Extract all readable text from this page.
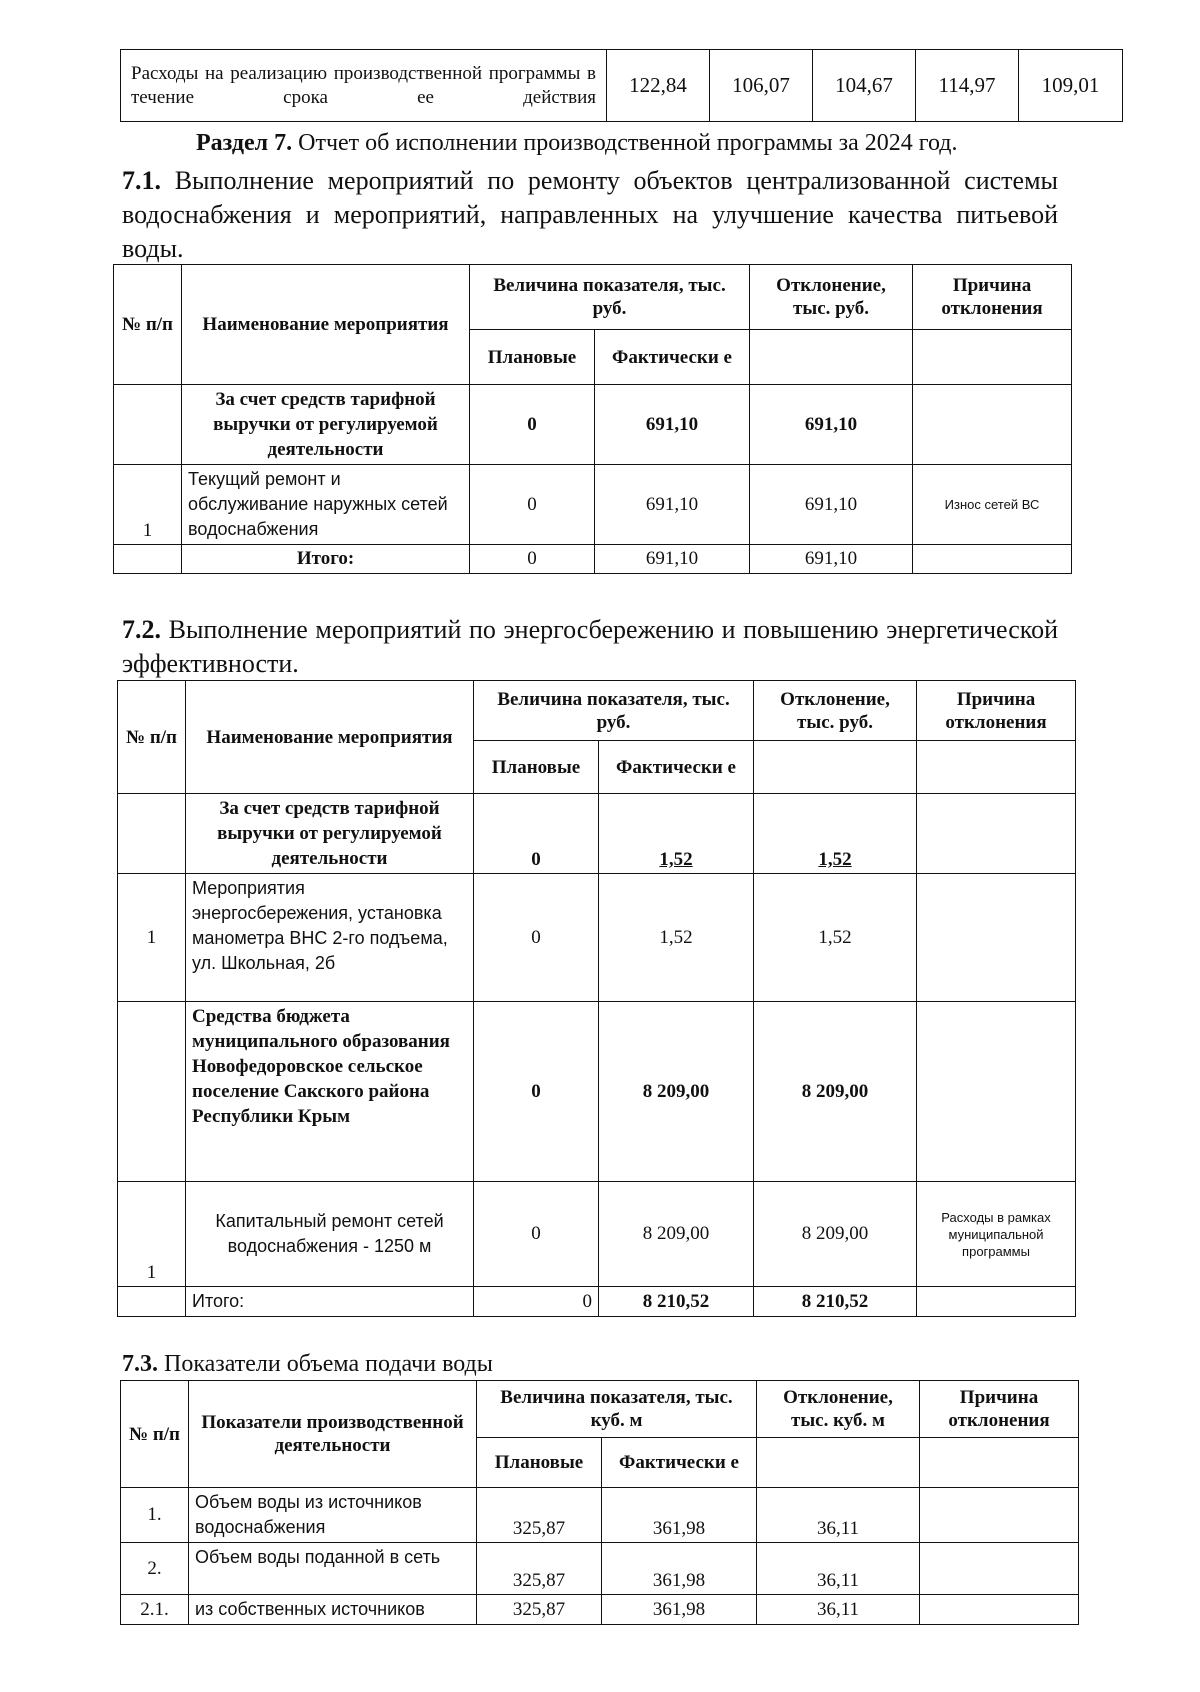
Расходы на реализацию производственной программы в течение срока ее действия	122,84	106,07	104,67	114,97	109,01
Раздел 7. Отчет об исполнении производственной программы за 2024 год.
7.1. Выполнение мероприятий по ремонту объектов централизованной системы водоснабжения и мероприятий, направленных на улучшение качества питьевой воды.
№ п/п	Наименование мероприятия	Величина показателя, тыс. руб.		Отклонение, тыс. руб.	Причина отклонения
		Плановые	Фактически е		
	За счет средств тарифной выручки от регулируемой деятельности	0	691,10	691,10	
1	Текущий ремонт и обслуживание наружных сетей водоснабжения	0	691,10	691,10	Износ сетей ВС
	Итого:	0	691,10	691,10	
7.2. Выполнение мероприятий по энергосбережению и повышению энергетической эффективности.
№ п/п	Наименование мероприятия	Величина показателя, тыс. руб.		Отклонение, тыс. руб.	Причина отклонения
		Плановые	Фактически е		
	За счет средств тарифной выручки от регулируемой деятельности	0	1,52	1,52	
1	Мероприятия энергосбережения, установка манометра ВНС 2-го подъема, ул. Школьная, 2б	0	1,52	1,52	
	Средства бюджета муниципального образования Новофедоровское сельское поселение Сакского района Республики Крым	0	8 209,00	8 209,00	
1	Капитальный ремонт сетей водоснабжения - 1250 м	0	8 209,00	8 209,00	Расходы в рамках муниципальной программы
	Итого:	0	8 210,52	8 210,52	
7.3. Показатели объема подачи воды
№ п/п	Показатели производственной деятельности	Величина показателя, тыс. куб. м		Отклонение, тыс. куб. м	Причина отклонения
		Плановые	Фактически е		
1.	Объем воды из источников водоснабжения	325,87	361,98	36,11	
2.	Объем воды поданной в сеть	325,87	361,98	36,11	
2.1.	из собственных источников	325,87	361,98	36,11	
